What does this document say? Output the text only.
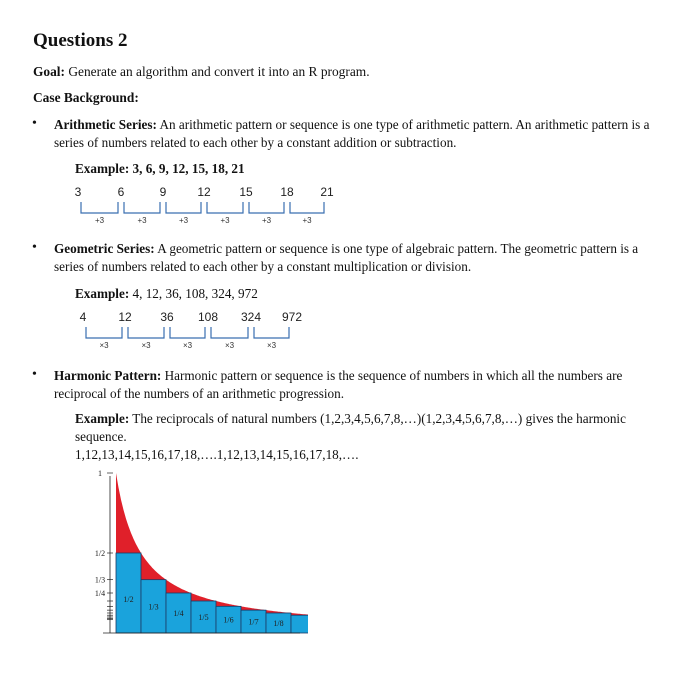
Questions 2
Goal: Generate an algorithm and convert it into an R program.
Case Background:
• Arithmetic Series: An arithmetic pattern or sequence is one type of arithmetic pattern. An arithmetic pattern is a series of numbers related to each other by a constant addition or subtraction.
Example: 3, 6, 9, 12, 15, 18, 21
3	6	9	12 15 18 21
+3	+3	+3	+3	+3	+3
• Geometric Series: A geometric pattern or sequence is one type of algebraic pattern. The geometric pattern is a series of numbers related to each other by a constant multiplication or division.
Example: 4, 12, 36, 108, 324, 972
4	12 36 108 324 972
×3	×3	×3	×3	×3
• Harmonic Pattern: Harmonic pattern or sequence is the sequence of numbers in which all the numbers are reciprocal of the numbers of an arithmetic progression.
Example: The reciprocals of natural numbers (1,2,3,4,5,6,7,8,…)(1,2,3,4,5,6,7,8,…) gives the harmonic sequence.
1,12,13,14,15,16,17,18,….1,12,13,14,15,16,17,18,….
1
1/2
1/3
1/4
1/2
1/3
1/4 1/5 1/6 1/7 1/8
